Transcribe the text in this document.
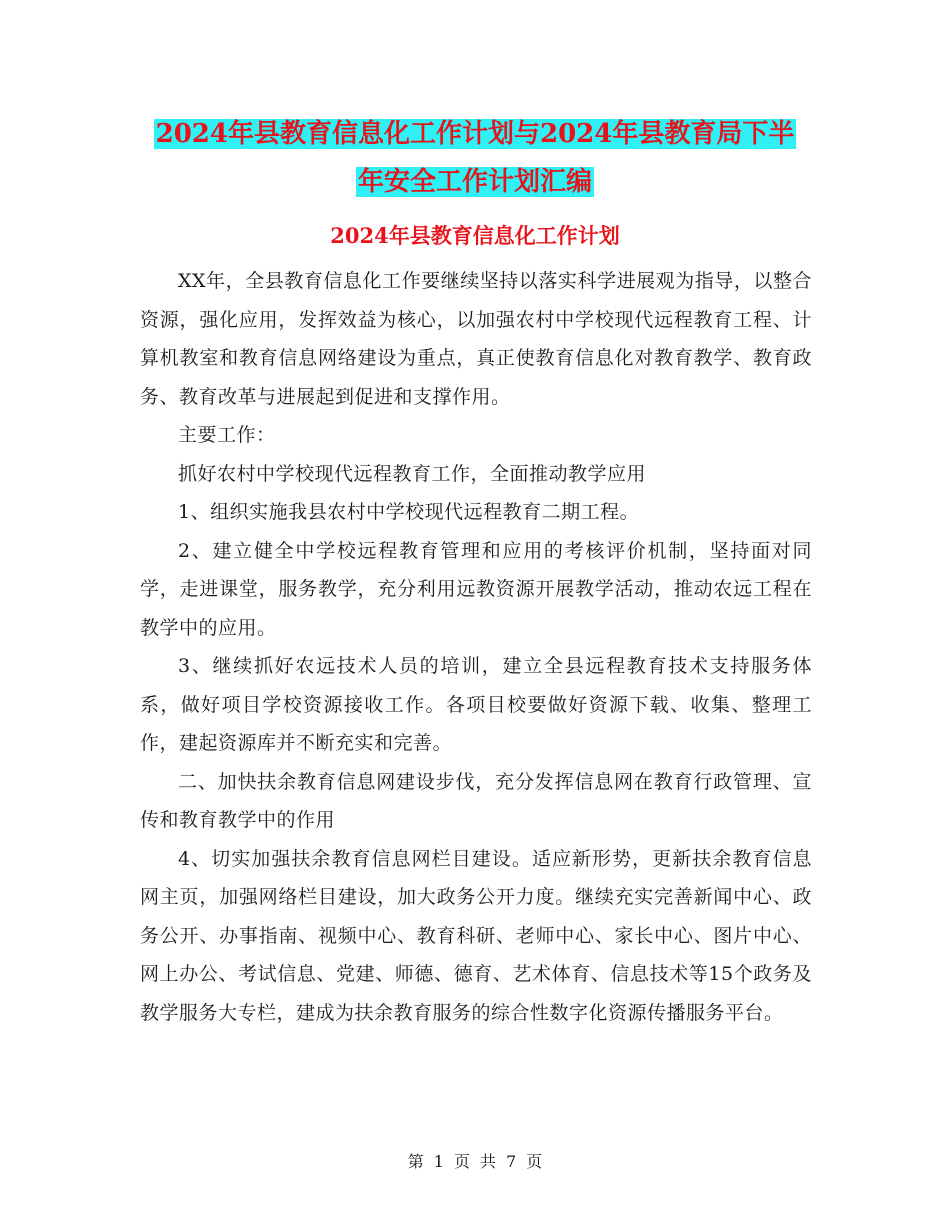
2024年县教育信息化工作计划与2024年县教育局下半
年安全工作计划汇编
2024年县教育信息化工作计划

XX年，全县教育信息化工作要继续坚持以落实科学进展观为指导，以整合资源，强化应用，发挥效益为核心，以加强农村中学校现代远程教育工程、计算机教室和教育信息网络建设为重点，真正使教育信息化对教育教学、教育政务、教育改革与进展起到促进和支撑作用。

主要工作：

抓好农村中学校现代远程教育工作，全面推动教学应用

1、组织实施我县农村中学校现代远程教育二期工程。

2、建立健全中学校远程教育管理和应用的考核评价机制，坚持面对同学，走进课堂，服务教学，充分利用远教资源开展教学活动，推动农远工程在教学中的应用。

3、继续抓好农远技术人员的培训，建立全县远程教育技术支持服务体系，做好项目学校资源接收工作。各项目校要做好资源下载、收集、整理工作，建起资源库并不断充实和完善。

二、加快扶余教育信息网建设步伐，充分发挥信息网在教育行政管理、宣传和教育教学中的作用

4、切实加强扶余教育信息网栏目建设。适应新形势，更新扶余教育信息网主页，加强网络栏目建设，加大政务公开力度。继续充实完善新闻中心、政务公开、办事指南、视频中心、教育科研、老师中心、家长中心、图片中心、网上办公、考试信息、党建、师德、德育、艺术体育、信息技术等15个政务及教学服务大专栏，建成为扶余教育服务的综合性数字化资源传播服务平台。

第 1 页 共 7 页
